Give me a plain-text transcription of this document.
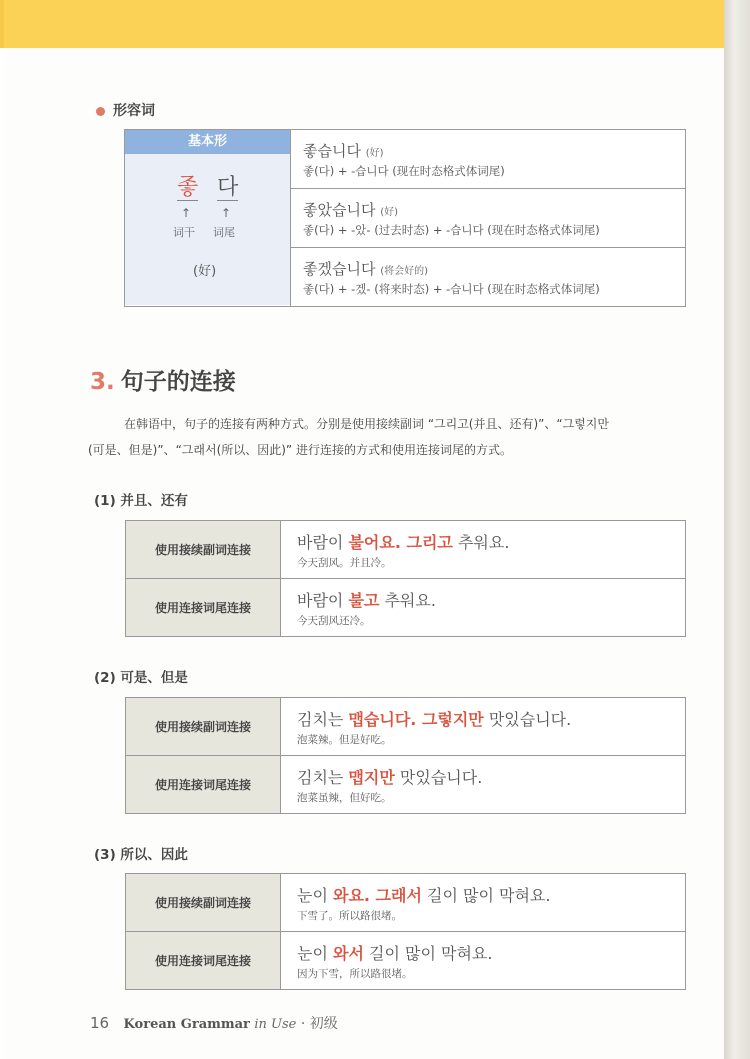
形容词
基本形
좋 다
↑ ↑
词干 词尾
(好)

좋습니다 (好)
좋(다) + -습니다 (现在时态格式体词尾)

좋았습니다 (好)
좋(다) + -았- (过去时态) + -습니다 (现在时态格式体词尾)

좋겠습니다 (将会好的)
좋(다) + -겠- (将来时态) + -습니다 (现在时态格式体词尾)
3. 句子的连接
在韩语中，句子的连接有两种方式。分别是使用接续副词 “그리고(并且、还有)”、“그렇지만
(可是、但是)”、“그래서(所以、因此)” 进行连接的方式和使用连接词尾的方式。
(1) 并且、还有
使用接续副词连接	바람이 불어요. 그리고 추워요.
今天刮风。并且冷。

使用连接词尾连接	바람이 불고 추워요.
今天刮风还冷。
(2) 可是、但是
使用接续副词连接	김치는 맵습니다. 그렇지만 맛있습니다.
泡菜辣。但是好吃。

使用连接词尾连接	김치는 맵지만 맛있습니다.
泡菜虽辣，但好吃。
(3) 所以、因此
使用接续副词连接	눈이 와요. 그래서 길이 많이 막혀요.
下雪了。所以路很堵。

使用连接词尾连接	눈이 와서 길이 많이 막혀요.
因为下雪，所以路很堵。
16 Korean Grammar in Use · 初级
